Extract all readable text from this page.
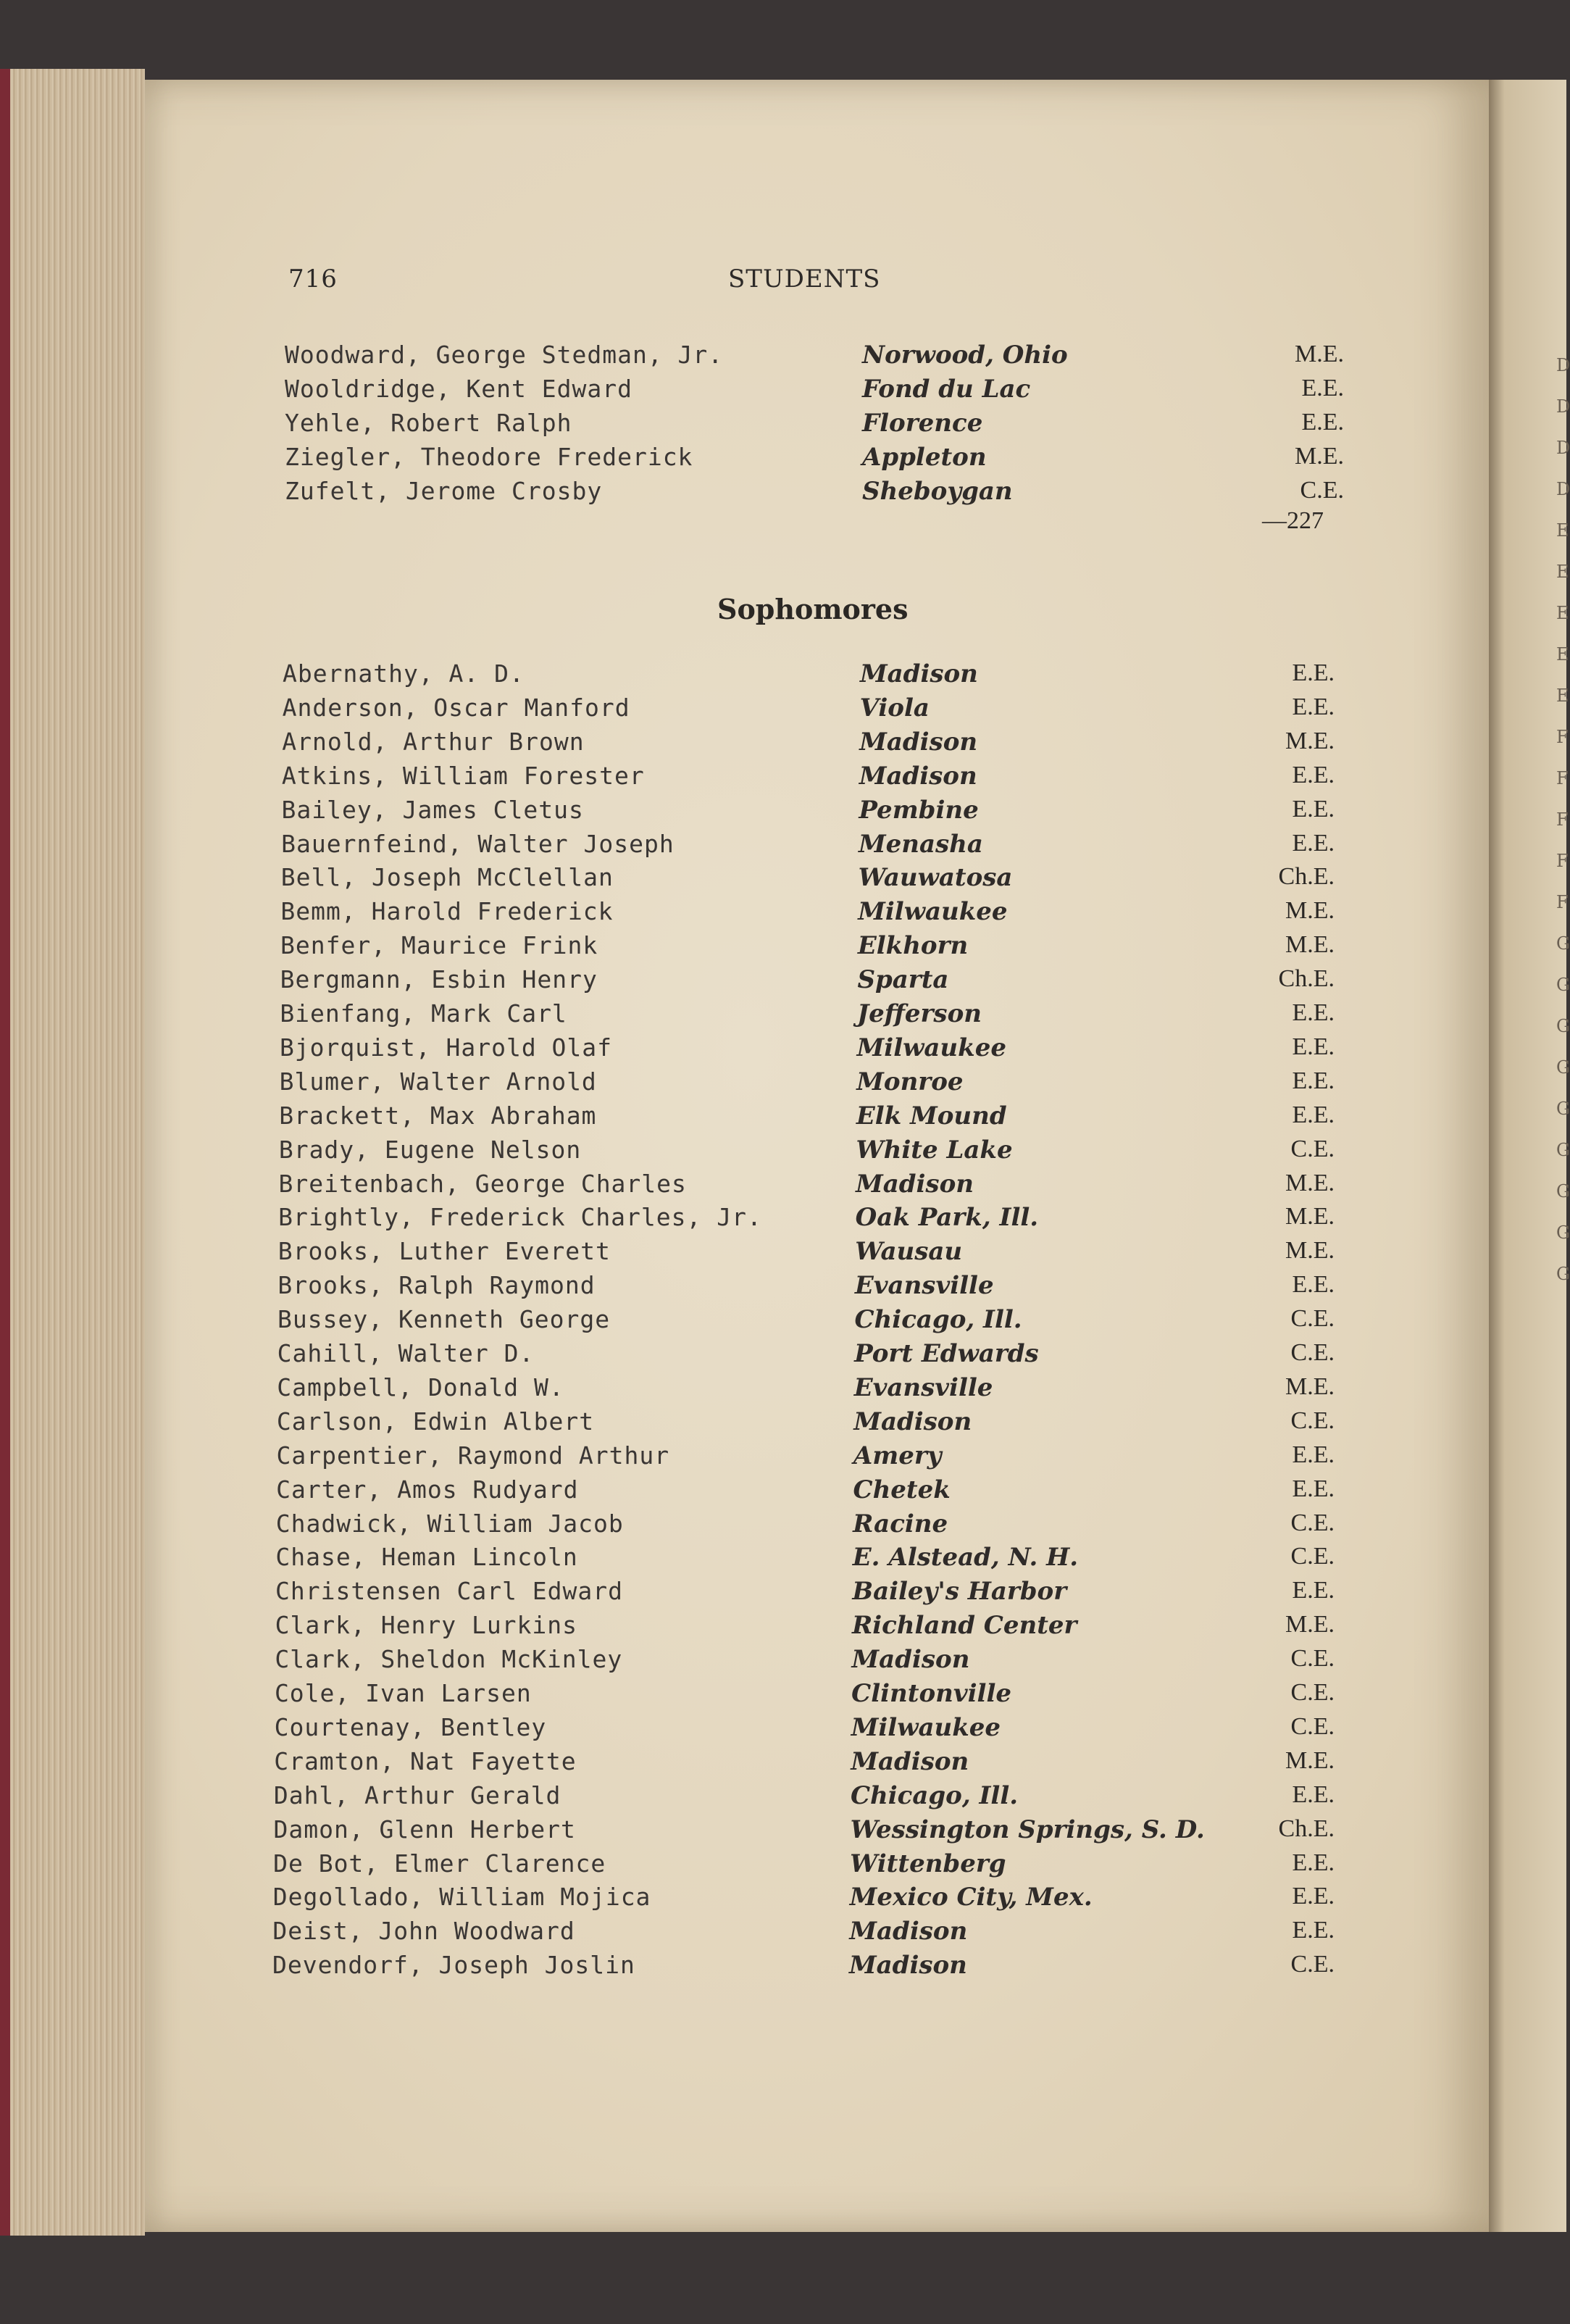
D
D
D
D
E
E
E
E
E
F
F
F
F
F
G
G
G
G
G
G
G
G
G
716	STUDENTS
Woodward, George Stedman, Jr.	Norwood, Ohio	M.E.
Wooldridge, Kent Edward	Fond du Lac	E.E.
Yehle, Robert Ralph	Florence	E.E.
Ziegler, Theodore Frederick	Appleton	M.E.
Zufelt, Jerome Crosby	Sheboygan	C.E.
—227
Sophomores
Abernathy, A. D.	Madison	E.E.
Anderson, Oscar Manford	Viola	E.E.
Arnold, Arthur Brown	Madison	M.E.
Atkins, William Forester	Madison	E.E.
Bailey, James Cletus	Pembine	E.E.
Bauernfeind, Walter Joseph	Menasha	E.E.
Bell, Joseph McClellan	Wauwatosa	Ch.E.
Bemm, Harold Frederick	Milwaukee	M.E.
Benfer, Maurice Frink	Elkhorn	M.E.
Bergmann, Esbin Henry	Sparta	Ch.E.
Bienfang, Mark Carl	Jefferson	E.E.
Bjorquist, Harold Olaf	Milwaukee	E.E.
Blumer, Walter Arnold	Monroe	E.E.
Brackett, Max Abraham	Elk Mound	E.E.
Brady, Eugene Nelson	White Lake	C.E.
Breitenbach, George Charles	Madison	M.E.
Brightly, Frederick Charles, Jr.	Oak Park, Ill.	M.E.
Brooks, Luther Everett	Wausau	M.E.
Brooks, Ralph Raymond	Evansville	E.E.
Bussey, Kenneth George	Chicago, Ill.	C.E.
Cahill, Walter D.	Port Edwards	C.E.
Campbell, Donald W.	Evansville	M.E.
Carlson, Edwin Albert	Madison	C.E.
Carpentier, Raymond Arthur	Amery	E.E.
Carter, Amos Rudyard	Chetek	E.E.
Chadwick, William Jacob	Racine	C.E.
Chase, Heman Lincoln	E. Alstead, N. H.	C.E.
Christensen Carl Edward	Bailey's Harbor	E.E.
Clark, Henry Lurkins	Richland Center	M.E.
Clark, Sheldon McKinley	Madison	C.E.
Cole, Ivan Larsen	Clintonville	C.E.
Courtenay, Bentley	Milwaukee	C.E.
Cramton, Nat Fayette	Madison	M.E.
Dahl, Arthur Gerald	Chicago, Ill.	E.E.
Damon, Glenn Herbert	Wessington Springs, S. D.	Ch.E.
De Bot, Elmer Clarence	Wittenberg	E.E.
Degollado, William Mojica	Mexico City, Mex.	E.E.
Deist, John Woodward	Madison	E.E.
Devendorf, Joseph Joslin	Madison	C.E.
